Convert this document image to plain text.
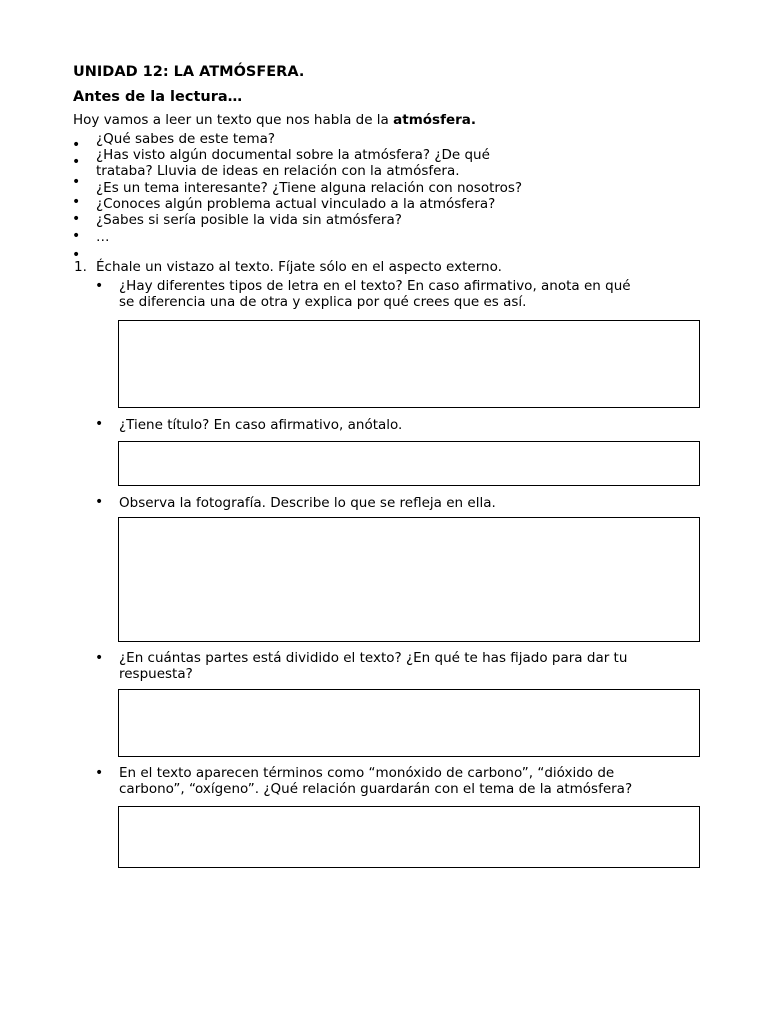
UNIDAD 12: LA ATMÓSFERA.
Antes de la lectura…
Hoy vamos a leer un texto que nos habla de la atmósfera.
•
•
•
•
•
•
•
¿Qué sabes de este tema?
¿Has visto algún documental sobre la atmósfera? ¿De qué
trataba? Lluvia de ideas en relación con la atmósfera.
¿Es un tema interesante? ¿Tiene alguna relación con nosotros?
¿Conoces algún problema actual vinculado a la atmósfera?
¿Sabes si sería posible la vida sin atmósfera?
…
1. Échale un vistazo al texto. Fíjate sólo en el aspecto externo.
• ¿Hay diferentes tipos de letra en el texto? En caso afirmativo, anota en qué
se diferencia una de otra y explica por qué crees que es así.
• ¿Tiene título? En caso afirmativo, anótalo.
• Observa la fotografía. Describe lo que se refleja en ella.
• ¿En cuántas partes está dividido el texto? ¿En qué te has fijado para dar tu
respuesta?
• En el texto aparecen términos como “monóxido de carbono”, “dióxido de
carbono”, “oxígeno”. ¿Qué relación guardarán con el tema de la atmósfera?
